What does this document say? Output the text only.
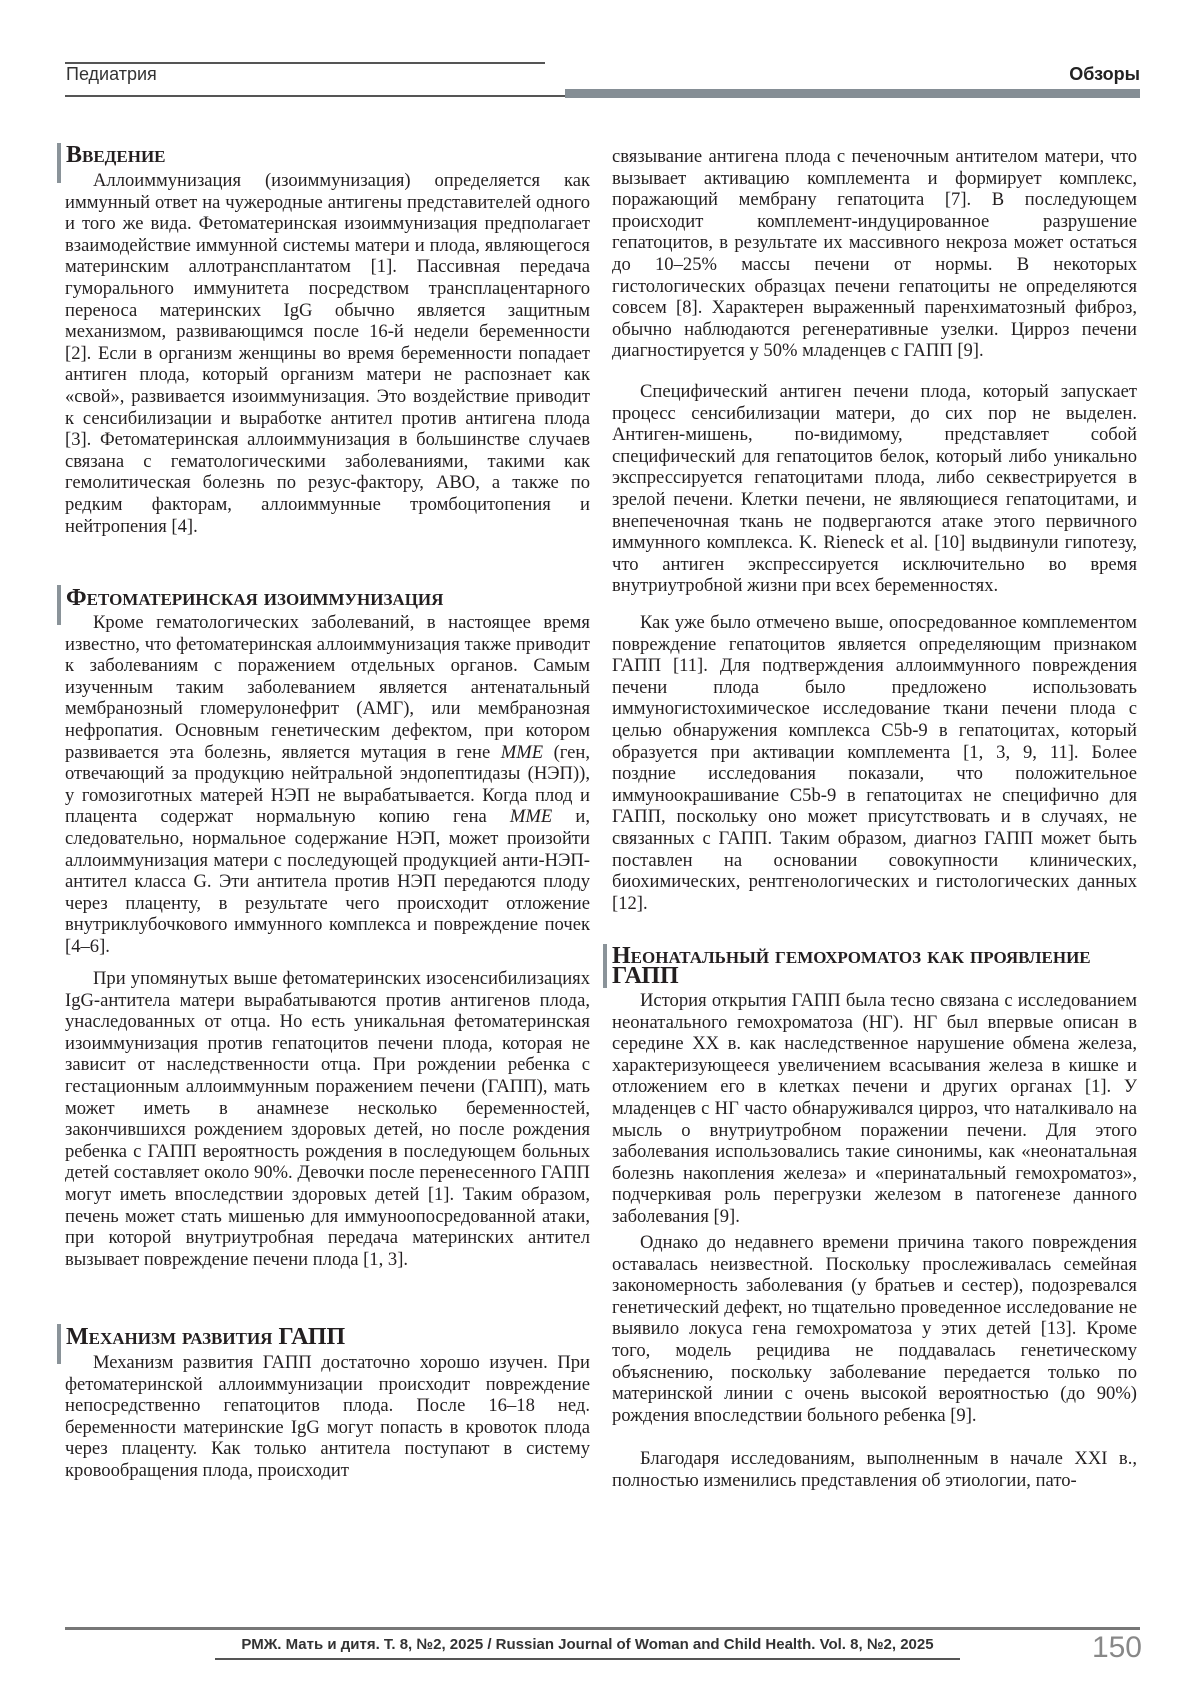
Педиатрия	Обзоры
Введение

Аллоиммунизация (изоиммунизация) определяется как иммунный ответ на чужеродные антигены представителей одного и того же вида. Фетоматеринская изоиммунизация предполагает взаимодействие иммунной системы матери и плода, являющегося материнским аллотрансплантатом [1]. Пассивная передача гуморального иммунитета посредством трансплацентарного переноса материнских IgG обычно является защитным механизмом, развивающимся после 16-й недели беременности [2]. Если в организм женщины во время беременности попадает антиген плода, который организм матери не распознает как «свой», развивается изоиммунизация. Это воздействие приводит к сенсибилизации и выработке антител против антигена плода [3]. Фетоматеринская аллоиммунизация в большинстве случаев связана с гематологическими заболеваниями, такими как гемолитическая болезнь по резус-фактору, АВО, а также по редким факторам, аллоиммунные тромбоцитопения и нейтропения [4].

Фетоматеринская изоиммунизация

Кроме гематологических заболеваний, в настоящее время известно, что фетоматеринская аллоиммунизация также приводит к заболеваниям с поражением отдельных органов. Самым изученным таким заболеванием является антенатальный мембранозный гломерулонефрит (АМГ), или мембранозная нефропатия. Основным генетическим дефектом, при котором развивается эта болезнь, является мутация в гене MME (ген, отвечающий за продукцию нейтральной эндопептидазы (НЭП)), у гомозиготных матерей НЭП не вырабатывается. Когда плод и плацента содержат нормальную копию гена MME и, следовательно, нормальное содержание НЭП, может произойти аллоиммунизация матери с последующей продукцией анти-НЭП-антител класса G. Эти антитела против НЭП передаются плоду через плаценту, в результате чего происходит отложение внутриклубочкового иммунного комплекса и повреждение почек [4–6].

При упомянутых выше фетоматеринских изосенсибилизациях IgG-антитела матери вырабатываются против антигенов плода, унаследованных от отца. Но есть уникальная фетоматеринская изоиммунизация против гепатоцитов печени плода, которая не зависит от наследственности отца. При рождении ребенка с гестационным аллоиммунным поражением печени (ГАПП), мать может иметь в анамнезе несколько беременностей, закончившихся рождением здоровых детей, но после рождения ребенка с ГАПП вероятность рождения в последующем больных детей составляет около 90%. Девочки после перенесенного ГАПП могут иметь впоследствии здоровых детей [1]. Таким образом, печень может стать мишенью для иммуноопосредованной атаки, при которой внутриутробная передача материнских антител вызывает повреждение печени плода [1, 3].

Механизм развития ГАПП

Механизм развития ГАПП достаточно хорошо изучен. При фетоматеринской аллоиммунизации происходит повреждение непосредственно гепатоцитов плода. После 16–18 нед. беременности материнские IgG могут попасть в кровоток плода через плаценту. Как только антитела поступают в систему кровообращения плода, происходит

связывание антигена плода с печеночным антителом матери, что вызывает активацию комплемента и формирует комплекс, поражающий мембрану гепатоцита [7]. В последующем происходит комплемент-индуцированное разрушение гепатоцитов, в результате их массивного некроза может остаться до 10–25% массы печени от нормы. В некоторых гистологических образцах печени гепатоциты не определяются совсем [8]. Характерен выраженный паренхиматозный фиброз, обычно наблюдаются регенеративные узелки. Цирроз печени диагностируется у 50% младенцев с ГАПП [9].

Специфический антиген печени плода, который запускает процесс сенсибилизации матери, до сих пор не выделен. Антиген-мишень, по-видимому, представляет собой специфический для гепатоцитов белок, который либо уникально экспрессируется гепатоцитами плода, либо секвестрируется в зрелой печени. Клетки печени, не являющиеся гепатоцитами, и внепеченочная ткань не подвергаются атаке этого первичного иммунного комплекса. K. Rieneck et al. [10] выдвинули гипотезу, что антиген экспрессируется исключительно во время внутриутробной жизни при всех беременностях.

Как уже было отмечено выше, опосредованное комплементом повреждение гепатоцитов является определяющим признаком ГАПП [11]. Для подтверждения аллоиммунного повреждения печени плода было предложено использовать иммуногистохимическое исследование ткани печени плода с целью обнаружения комплекса C5b-9 в гепатоцитах, который образуется при активации комплемента [1, 3, 9, 11]. Более поздние исследования показали, что положительное иммуноокрашивание C5b-9 в гепатоцитах не специфично для ГАПП, поскольку оно может присутствовать и в случаях, не связанных с ГАПП. Таким образом, диагноз ГАПП может быть поставлен на основании совокупности клинических, биохимических, рентгенологических и гистологических данных [12].

Неонатальный гемохроматоз как проявление ГАПП

История открытия ГАПП была тесно связана с исследованием неонатального гемохроматоза (НГ). НГ был впервые описан в середине XX в. как наследственное нарушение обмена железа, характеризующееся увеличением всасывания железа в кишке и отложением его в клетках печени и других органах [1]. У младенцев с НГ часто обнаруживался цирроз, что наталкивало на мысль о внутриутробном поражении печени. Для этого заболевания использовались такие синонимы, как «неонатальная болезнь накопления железа» и «перинатальный гемохроматоз», подчеркивая роль перегрузки железом в патогенезе данного заболевания [9].

Однако до недавнего времени причина такого повреждения оставалась неизвестной. Поскольку прослеживалась семейная закономерность заболевания (у братьев и сестер), подозревался генетический дефект, но тщательно проведенное исследование не выявило локуса гена гемохроматоза у этих детей [13]. Кроме того, модель рецидива не поддавалась генетическому объяснению, поскольку заболевание передается только по материнской линии с очень высокой вероятностью (до 90%) рождения впоследствии больного ребенка [9].

Благодаря исследованиям, выполненным в начале XXI в., полностью изменились представления об этиологии, пато-

РМЖ. Мать и дитя. Т. 8, №2, 2025 / Russian Journal of Woman and Child Health. Vol. 8, №2, 2025	150
